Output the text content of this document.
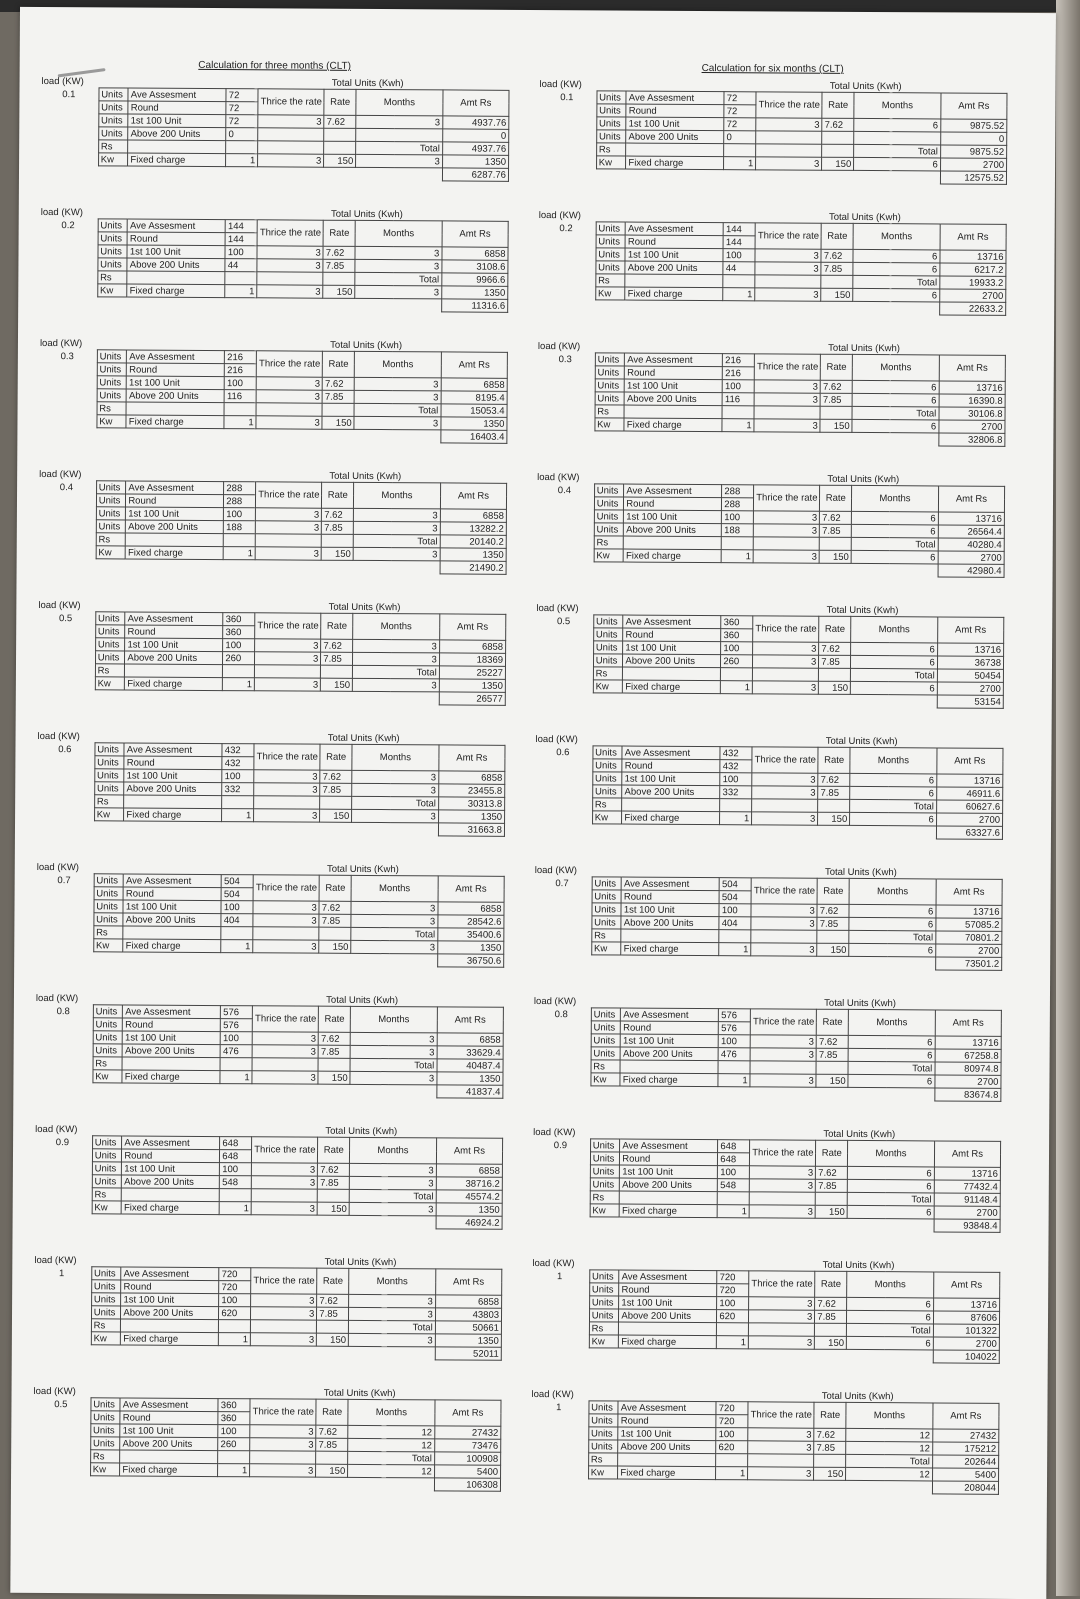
Calculation for three months (CLT)
load (KW)			Total Units (Kwh)					
0.1	Units	Ave Assesment	72	Thrice the rate	Rate	Months		Amt Rs
	Units	Round	72					
	Units	1st 100 Unit	72	3	7.62	3		4937.76
	Units	Above 200 Units	0					0
	Rs					Total		4937.76
	Kw	Fixed charge	1	3	150	3		1350
								6287.76
load (KW)			Total Units (Kwh)					
0.2	Units	Ave Assesment	144	Thrice the rate	Rate	Months		Amt Rs
	Units	Round	144					
	Units	1st 100 Unit	100	3	7.62	3		6858
	Units	Above 200 Units	44	3	7.85	3		3108.6
	Rs					Total		9966.6
	Kw	Fixed charge	1	3	150	3		1350
								11316.6
load (KW)			Total Units (Kwh)					
0.3	Units	Ave Assesment	216	Thrice the rate	Rate	Months		Amt Rs
	Units	Round	216					
	Units	1st 100 Unit	100	3	7.62	3		6858
	Units	Above 200 Units	116	3	7.85	3		8195.4
	Rs					Total		15053.4
	Kw	Fixed charge	1	3	150	3		1350
								16403.4
load (KW)			Total Units (Kwh)					
0.4	Units	Ave Assesment	288	Thrice the rate	Rate	Months		Amt Rs
	Units	Round	288					
	Units	1st 100 Unit	100	3	7.62	3		6858
	Units	Above 200 Units	188	3	7.85	3		13282.2
	Rs					Total		20140.2
	Kw	Fixed charge	1	3	150	3		1350
								21490.2
load (KW)			Total Units (Kwh)					
0.5	Units	Ave Assesment	360	Thrice the rate	Rate	Months		Amt Rs
	Units	Round	360					
	Units	1st 100 Unit	100	3	7.62	3		6858
	Units	Above 200 Units	260	3	7.85	3		18369
	Rs					Total		25227
	Kw	Fixed charge	1	3	150	3		1350
								26577
load (KW)			Total Units (Kwh)					
0.6	Units	Ave Assesment	432	Thrice the rate	Rate	Months		Amt Rs
	Units	Round	432					
	Units	1st 100 Unit	100	3	7.62	3		6858
	Units	Above 200 Units	332	3	7.85	3		23455.8
	Rs					Total		30313.8
	Kw	Fixed charge	1	3	150	3		1350
								31663.8
load (KW)			Total Units (Kwh)					
0.7	Units	Ave Assesment	504	Thrice the rate	Rate	Months		Amt Rs
	Units	Round	504					
	Units	1st 100 Unit	100	3	7.62	3		6858
	Units	Above 200 Units	404	3	7.85	3		28542.6
	Rs					Total		35400.6
	Kw	Fixed charge	1	3	150	3		1350
								36750.6
load (KW)			Total Units (Kwh)					
0.8	Units	Ave Assesment	576	Thrice the rate	Rate	Months		Amt Rs
	Units	Round	576					
	Units	1st 100 Unit	100	3	7.62	3		6858
	Units	Above 200 Units	476	3	7.85	3		33629.4
	Rs					Total		40487.4
	Kw	Fixed charge	1	3	150	3		1350
								41837.4
load (KW)			Total Units (Kwh)					
0.9	Units	Ave Assesment	648	Thrice the rate	Rate	Months		Amt Rs
	Units	Round	648					
	Units	1st 100 Unit	100	3	7.62	3		6858
	Units	Above 200 Units	548	3	7.85	3		38716.2
	Rs					Total		45574.2
	Kw	Fixed charge	1	3	150	3		1350
								46924.2
load (KW)			Total Units (Kwh)					
1	Units	Ave Assesment	720	Thrice the rate	Rate	Months		Amt Rs
	Units	Round	720					
	Units	1st 100 Unit	100	3	7.62	3		6858
	Units	Above 200 Units	620	3	7.85	3		43803
	Rs					Total		50661
	Kw	Fixed charge	1	3	150	3		1350
								52011
load (KW)			Total Units (Kwh)					
0.5	Units	Ave Assesment	360	Thrice the rate	Rate	Months		Amt Rs
	Units	Round	360					
	Units	1st 100 Unit	100	3	7.62	12		27432
	Units	Above 200 Units	260	3	7.85	12		73476
	Rs					Total		100908
	Kw	Fixed charge	1	3	150	12		5400
								106308
Calculation for six months (CLT)
load (KW)			Total Units (Kwh)					
0.1	Units	Ave Assesment	72	Thrice the rate	Rate	Months		Amt Rs
	Units	Round	72					
	Units	1st 100 Unit	72	3	7.62	6		9875.52
	Units	Above 200 Units	0					0
	Rs					Total		9875.52
	Kw	Fixed charge	1	3	150	6		2700
								12575.52
load (KW)			Total Units (Kwh)					
0.2	Units	Ave Assesment	144	Thrice the rate	Rate	Months		Amt Rs
	Units	Round	144					
	Units	1st 100 Unit	100	3	7.62	6		13716
	Units	Above 200 Units	44	3	7.85	6		6217.2
	Rs					Total		19933.2
	Kw	Fixed charge	1	3	150	6		2700
								22633.2
load (KW)			Total Units (Kwh)					
0.3	Units	Ave Assesment	216	Thrice the rate	Rate	Months		Amt Rs
	Units	Round	216					
	Units	1st 100 Unit	100	3	7.62	6		13716
	Units	Above 200 Units	116	3	7.85	6		16390.8
	Rs					Total		30106.8
	Kw	Fixed charge	1	3	150	6		2700
								32806.8
load (KW)			Total Units (Kwh)					
0.4	Units	Ave Assesment	288	Thrice the rate	Rate	Months		Amt Rs
	Units	Round	288					
	Units	1st 100 Unit	100	3	7.62	6		13716
	Units	Above 200 Units	188	3	7.85	6		26564.4
	Rs					Total		40280.4
	Kw	Fixed charge	1	3	150	6		2700
								42980.4
load (KW)			Total Units (Kwh)					
0.5	Units	Ave Assesment	360	Thrice the rate	Rate	Months		Amt Rs
	Units	Round	360					
	Units	1st 100 Unit	100	3	7.62	6		13716
	Units	Above 200 Units	260	3	7.85	6		36738
	Rs					Total		50454
	Kw	Fixed charge	1	3	150	6		2700
								53154
load (KW)			Total Units (Kwh)					
0.6	Units	Ave Assesment	432	Thrice the rate	Rate	Months		Amt Rs
	Units	Round	432					
	Units	1st 100 Unit	100	3	7.62	6		13716
	Units	Above 200 Units	332	3	7.85	6		46911.6
	Rs					Total		60627.6
	Kw	Fixed charge	1	3	150	6		2700
								63327.6
load (KW)			Total Units (Kwh)					
0.7	Units	Ave Assesment	504	Thrice the rate	Rate	Months		Amt Rs
	Units	Round	504					
	Units	1st 100 Unit	100	3	7.62	6		13716
	Units	Above 200 Units	404	3	7.85	6		57085.2
	Rs					Total		70801.2
	Kw	Fixed charge	1	3	150	6		2700
								73501.2
load (KW)			Total Units (Kwh)					
0.8	Units	Ave Assesment	576	Thrice the rate	Rate	Months		Amt Rs
	Units	Round	576					
	Units	1st 100 Unit	100	3	7.62	6		13716
	Units	Above 200 Units	476	3	7.85	6		67258.8
	Rs					Total		80974.8
	Kw	Fixed charge	1	3	150	6		2700
								83674.8
load (KW)			Total Units (Kwh)					
0.9	Units	Ave Assesment	648	Thrice the rate	Rate	Months		Amt Rs
	Units	Round	648					
	Units	1st 100 Unit	100	3	7.62	6		13716
	Units	Above 200 Units	548	3	7.85	6		77432.4
	Rs					Total		91148.4
	Kw	Fixed charge	1	3	150	6		2700
								93848.4
load (KW)			Total Units (Kwh)					
1	Units	Ave Assesment	720	Thrice the rate	Rate	Months		Amt Rs
	Units	Round	720					
	Units	1st 100 Unit	100	3	7.62	6		13716
	Units	Above 200 Units	620	3	7.85	6		87606
	Rs					Total		101322
	Kw	Fixed charge	1	3	150	6		2700
								104022
load (KW)			Total Units (Kwh)					
1	Units	Ave Assesment	720	Thrice the rate	Rate	Months		Amt Rs
	Units	Round	720					
	Units	1st 100 Unit	100	3	7.62	12		27432
	Units	Above 200 Units	620	3	7.85	12		175212
	Rs					Total		202644
	Kw	Fixed charge	1	3	150	12		5400
								208044
